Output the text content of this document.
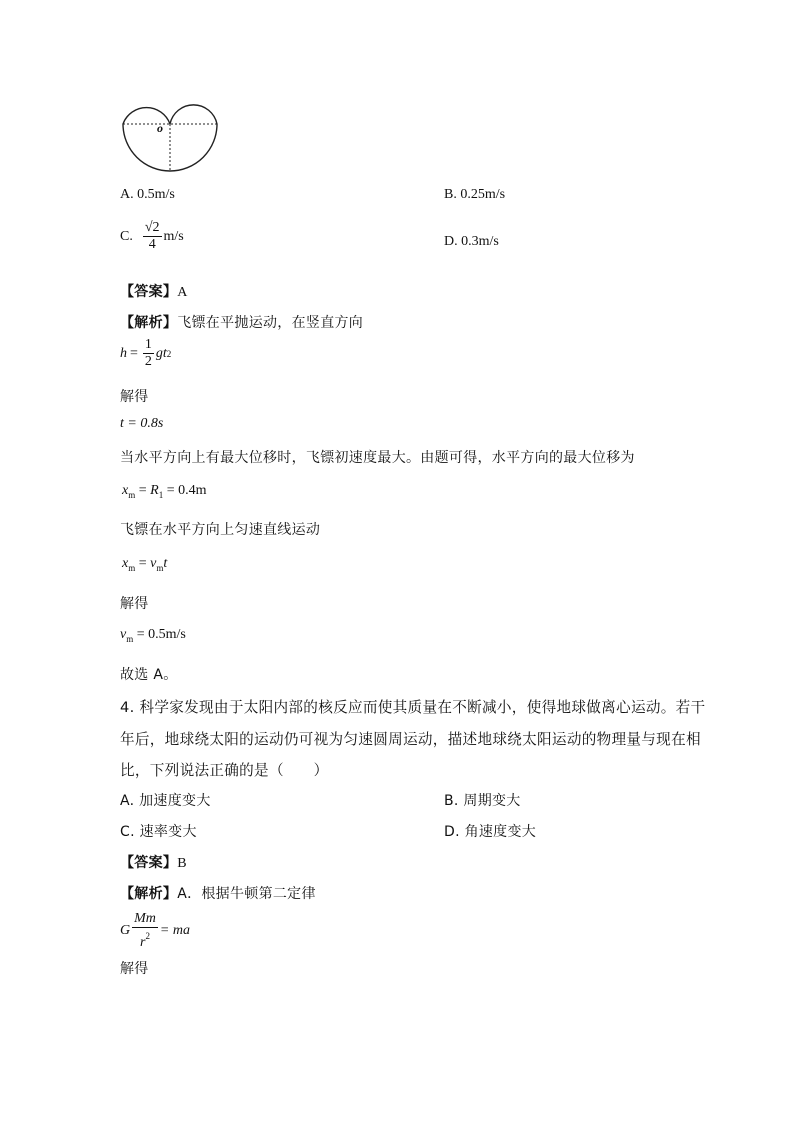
o
A. 0.5m/s	B. 0.25m/s
C. $\frac{√2}{4} m/s$	D. 0.3m/s
【答案】A
【解析】飞镖在平抛运动，在竖直方向
$h = \frac{1}{2}$ gt 2
解得
t = 0.8s
当水平方向上有最大位移时，飞镖初速度最大。由题可得，水平方向的最大位移为
$x_m = R_1 = 0.4m$
飞镖在水平方向上匀速直线运动
$x_m = v_mt$
解得
$v_m = 0.5m/s$
故选 A。
4. 科学家发现由于太阳内部的核反应而使其质量在不断减小，使得地球做离心运动。若干
年后，地球绕太阳的运动仍可视为匀速圆周运动，描述地球绕太阳运动的物理量与现在相
比，下列说法正确的是（　　）
A. 加速度变大	B. 周期变大
C. 速率变大	D. 角速度变大
【答案】B
【解析】A．根据牛顿第二定律
G $\frac{Mm}{r^2}$ = ma
解得
